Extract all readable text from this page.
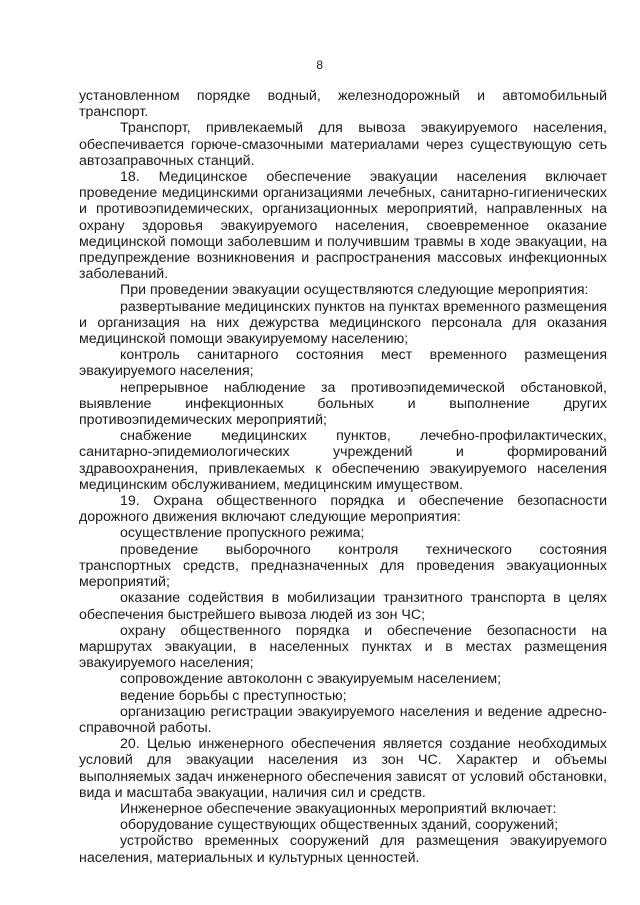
8

установленном порядке водный, железнодорожный и автомобильный транспорт.

Транспорт, привлекаемый для вывоза эвакуируемого населения, обеспечивается горюче-смазочными материалами через существующую сеть автозаправочных станций.

18. Медицинское обеспечение эвакуации населения включает проведение медицинскими организациями лечебных, санитарно-гигиенических и противоэпидемических, организационных мероприятий, направленных на охрану здоровья эвакуируемого населения, своевременное оказание медицинской помощи заболевшим и получившим травмы в ходе эвакуации, на предупреждение возникновения и распространения массовых инфекционных заболеваний.

При проведении эвакуации осуществляются следующие мероприятия:

развертывание медицинских пунктов на пунктах временного размещения и организация на них дежурства медицинского персонала для оказания медицинской помощи эвакуируемому населению;

контроль санитарного состояния мест временного размещения эвакуируемого населения;

непрерывное наблюдение за противоэпидемической обстановкой, выявление инфекционных больных и выполнение других противоэпидемических мероприятий;

снабжение медицинских пунктов, лечебно-профилактических, санитарно-эпидемиологических учреждений и формирований здравоохранения, привлекаемых к обеспечению эвакуируемого населения медицинским обслуживанием, медицинским имуществом.

19. Охрана общественного порядка и обеспечение безопасности дорожного движения включают следующие мероприятия:

осуществление пропускного режима;

проведение выборочного контроля технического состояния транспортных средств, предназначенных для проведения эвакуационных мероприятий;

оказание содействия в мобилизации транзитного транспорта в целях обеспечения быстрейшего вывоза людей из зон ЧС;

охрану общественного порядка и обеспечение безопасности на маршрутах эвакуации, в населенных пунктах и в местах размещения эвакуируемого населения;

сопровождение автоколонн с эвакуируемым населением;

ведение борьбы с преступностью;

организацию регистрации эвакуируемого населения и ведение адресно-справочной работы.

20. Целью инженерного обеспечения является создание необходимых условий для эвакуации населения из зон ЧС. Характер и объемы выполняемых задач инженерного обеспечения зависят от условий обстановки, вида и масштаба эвакуации, наличия сил и средств.

Инженерное обеспечение эвакуационных мероприятий включает:

оборудование существующих общественных зданий, сооружений;

устройство временных сооружений для размещения эвакуируемого населения, материальных и культурных ценностей.
